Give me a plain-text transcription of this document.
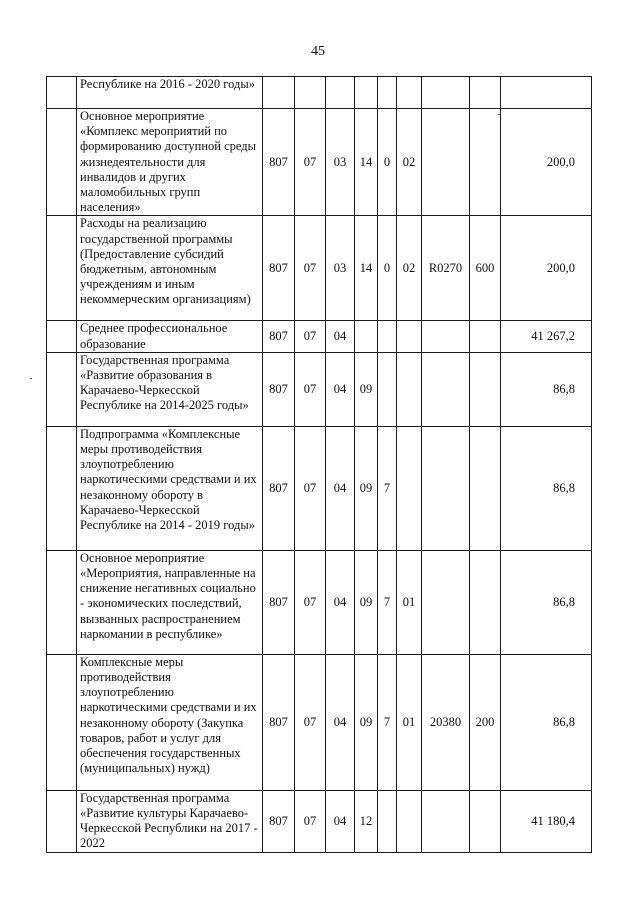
45
	Республике на 2016 - 2020 годы»									
	Основное мероприятие «Комплекс мероприятий по формированию доступной среды жизнедеятельности для инвалидов и других маломобильных групп населения»	807	07	03	14	0	02			200,0
	Расходы на реализацию государственной программы (Предоставление субсидий бюджетным, автономным учреждениям и иным некоммерческим организациям)	807	07	03	14	0	02	R0270	600	200,0
	Среднее профессиональное образование	807	07	04						41 267,2
	Государственная программа «Развитие образования в Карачаево-Черкесской Республике на 2014-2025 годы»	807	07	04	09					86,8
	Подпрограмма «Комплексные меры противодействия злоупотреблению наркотическими средствами и их незаконному обороту в Карачаево-Черкесской Республике на 2014 - 2019 годы»	807	07	04	09	7				86,8
	Основное мероприятие «Мероприятия, направленные на снижение негативных социально - экономических последствий, вызванных распространением наркомании в республике»	807	07	04	09	7	01			86,8
	Комплексные меры противодействия злоупотреблению наркотическими средствами и их незаконному обороту (Закупка товаров, работ и услуг для обеспечения государственных (муниципальных) нужд)	807	07	04	09	7	01	20380	200	86,8
	Государственная программа «Развитие культуры Карачаево-Черкесской Республики на 2017 - 2022	807	07	04	12					41 180,4
